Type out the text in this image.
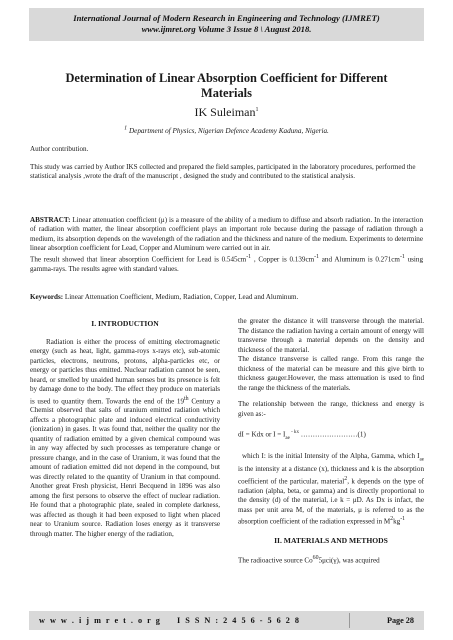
International Journal of Modern Research in Engineering and Technology (IJMRET)
www.ijmret.org Volume 3 Issue 8 \ August 2018.
Determination of Linear Absorption Coefficient for Different Materials
IK Suleiman$^1$
$^1$ Department of Physics, Nigerian Defence Academy Kaduna, Nigeria.
Author contribution.
This study was carried by Author IKS collected and prepared the field samples, participated in the laboratory procedures, performed the statistical analysis ,wrote the draft of the manuscript , designed the study and contributed to the statistical analysis.
ABSTRACT: Linear attenuation coefficient (μ) is a measure of the ability of a medium to diffuse and absorb radiation. In the interaction of radiation with matter, the linear absorption coefficient plays an important role because during the passage of radiation through a medium, its absorption depends on the wavelength of the radiation and the thickness and nature of the medium. Experiments to determine linear absorption coefficient for Lead, Copper and Aluminum were carried out in air.
The result showed that linear absorption Coefficient for Lead is $0.545cm^{-1}$ , Copper is $0.139cm^{-1}$ and Aluminum is $0.271cm^{-1}$ using gamma-rays. The results agree with standard values.
Keywords: Linear Attenuation Coefficient, Medium, Radiation, Copper, Lead and Aluminum.
I. INTRODUCTION

Radiation is either the process of emitting electromagnetic energy (such as heat, light, gamma-roys x-rays etc), sub-atomic particles, electrons, neutrons, protons, alpha-particles etc, or energy or particles thus emitted. Nuclear radiation cannot be seen, heard, or smelled by unaided human senses but its presence is felt by damage done to the body. The effect they produce on materials is used to quantity them. Towards the end of the 19th Century a Chemist observed that salts of uranium emitted radiation which affects a photographic plate and induced electrical conductivity (ionization) in gases. It was found that, neither the quality nor the quantity of radiation emitted by a given chemical compound was in any way affected by such processes as temperature change or pressure change, and in the case of Uranium, it was found that the amount of radiation emitted did not depend in the compound, but was directly related to the quantity of Uranium in that compound. Another great Fresh physicist, Henri Becquend in 1896 was also among the first persons to observe the effect of nuclear radiation. He found that a photographic plate, sealed in complete darkness, was affected as though it had been exposed to light when placed near to Uranium source. Radiation loses energy as it transverse through matter. The higher energy of the radiation,

the greater the distance it will transverse through the material. The distance the radiation having a certain amount of energy will transverse through a material depends on the density and thickness of the material.

The distance transverse is called range. From this range the thickness of the material can be measure and this give birth to thickness gauger.However, the mass attenuation is used to find the range the thickness of the materials.

The relationship between the range, thickness and energy is given as:-

dI = Kdx or $I = I_{ae}$ $^{- kx}$ ……………………(1)

which I: is the initial Intensity of the Alpha, Gamma, which $I_{ae}$ is the intensity at a distance (x), thickness and k is the absorption coefficient of the particular, material$^2$, k depends on the type of radiation (alpha, beta, or gamma) and is directly proportional to the density (d) of the material, i.e k = μD. As Dx is infact, the mass per unit area M, of the materials, μ is referred to as the absorption coefficient of the radiation expressed in $M^2kg^{-1}$

II. MATERIALS AND METHODS

The radioactive source Co$^{60}$5μci(γ), was acquired

w w w . i j m r e t . o r g I S S N : 2 4 5 6 - 5 6 2 8	Page 28
